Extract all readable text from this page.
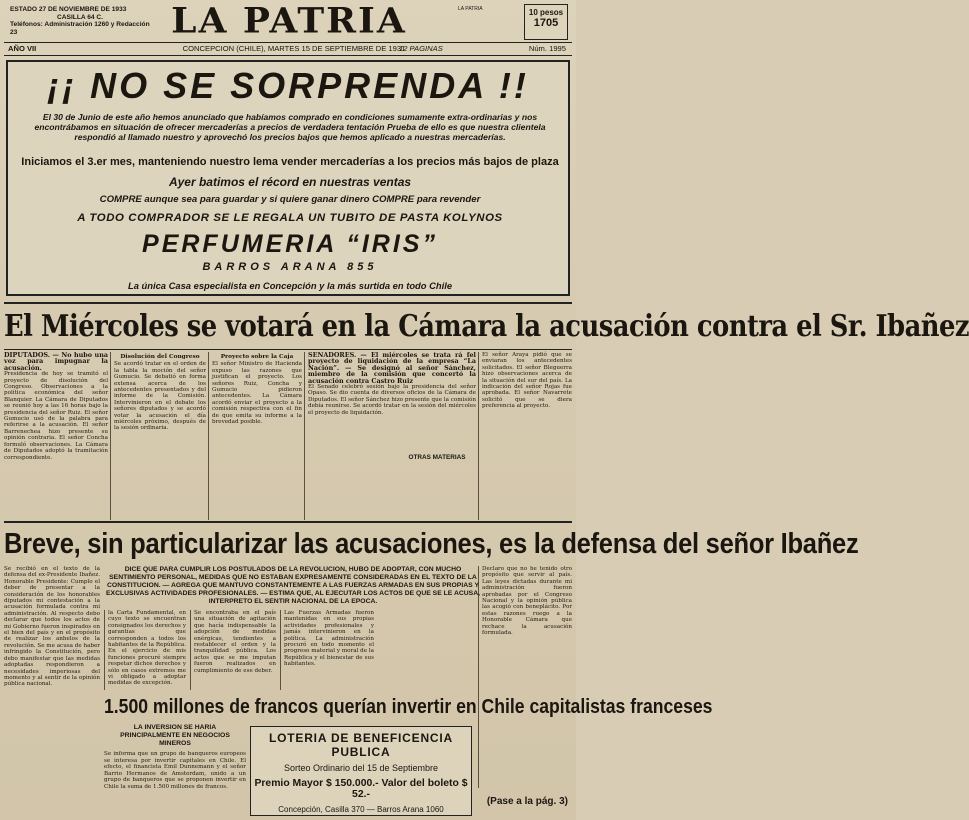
ESTADO 27 DE NOVIEMBRE DE 1933
CASILLA 64 C.
Teléfonos: Administración 1260 y Redacción 23	LA PATRIA	LA PATRIA	10 pesos
1705
AÑO VII	CONCEPCION (CHILE), MARTES 15 DE SEPTIEMBRE DE 1931
12 PAGINAS	Núm. 1995
¡¡ NO SE SORPRENDA !!
El 30 de Junio de este año hemos anunciado que habíamos comprado en condiciones sumamente extra-ordinarias y nos encontrábamos en situación de ofrecer mercaderías a precios de verdadera tentación Prueba de ello es que nuestra clientela respondió al llamado nuestro y aprovechó los precios bajos que hemos aplicado a nuestras mercaderías.
Iniciamos el 3.er mes, manteniendo nuestro lema vender mercaderías a los precios más bajos de plaza
Ayer batimos el récord en nuestras ventas
COMPRE aunque sea para guardar y si quiere ganar dinero COMPRE para revender
A TODO COMPRADOR SE LE REGALA UN TUBITO DE PASTA KOLYNOS
PERFUMERIA “IRIS”
BARROS ARANA 855
La única Casa especialista en Concepción y la más surtida en todo Chile
El Miércoles se votará en la Cámara la acusación contra el Sr. Ibañez
DIPUTADOS. — No hubo una voz para impugnar la acusación.
Presidencia de hoy se tramitó el proyecto de disolución del Congreso. Observaciones a la política económica del señor Blanquier. La Cámara de Diputados se reunió hoy a las 16 horas bajo la presidencia del señor Ruiz. El señor Gumucio usó de la palabra para referirse a la acusación. El señor Barrenechea hizo presente su opinión contraria. El señor Concha formuló observaciones. La Cámara de Diputados adoptó la tramitación correspondiente.
Disolución del Congreso
Se acordó tratar en el orden de la tabla la moción del señor Gumucio. Se debatió en forma extensa acerca de los antecedentes presentados y del informe de la Comisión. Intervinieron en el debate los señores diputados y se acordó votar la acusación el día miércoles próximo, después de la sesión ordinaria.
Proyecto sobre la Caja
El señor Ministro de Hacienda expuso las razones que justifican el proyecto. Los señores Ruiz, Concha y Gumucio pidieron antecedentes. La Cámara acordó enviar el proyecto a la comisión respectiva con el fin de que emita su informe a la brevedad posible.
SENADORES. — El miércoles se trata rá fel proyecto de liquidación de la empresa “La Nación”. — Se designó al señor Sánchez, miembro de la comisión que concertó la acusación contra Castro Ruiz
El Senado celebró sesión bajo la presidencia del señor Opaso. Se dio cuenta de diversos oficios de la Cámara de Diputados. El señor Sánchez hizo presente que la comisión debía reunirse. Se acordó tratar en la sesión del miércoles el proyecto de liquidación.
OTRAS MATERIAS
El señor Araya pidió que se enviaran los antecedentes solicitados. El señor Bleguerra hizo observaciones acerca de la situación del sur del país. La indicación del señor Rojas fue aprobada. El señor Navarrete solicitó que se diera preferencia al proyecto.
Breve, sin particularizar las acusaciones, es la defensa del señor Ibañez
Se recibió en el texto de la defensa del ex-Presidente Ibañez. Honorable Presidente: Cumplo el deber de presentar a la consideración de los honorables diputados mi contestación a la acusación formulada contra mi administración. Al respecto debo declarar que todos los actos de mi Gobierno fueron inspirados en el bien del país y en el propósito de realizar los anhelos de la revolución. Se me acusa de haber infringido la Constitución, pero debo manifestar que las medidas adoptadas respondieron a necesidades imperiosas del momento y al sentir de la opinión pública nacional.
la Carta Fundamental, en cuyo texto se encuentran consignados los derechos y garantías que corresponden a todos los habitantes de la República. En el ejercicio de mis funciones procuré siempre respetar dichos derechos y sólo en casos extremos me vi obligado a adoptar medidas de excepción.
Se encontraba en el país una situación de agitación que hacía indispensable la adopción de medidas enérgicas, tendientes a restablecer el orden y la tranquilidad pública. Los actos que se me imputan fueron realizados en cumplimiento de ese deber.
Las Fuerzas Armadas fueron mantenidas en sus propias actividades profesionales y jamás intervinieron en la política. La administración procuró en todo momento el progreso material y moral de la República y el bienestar de sus habitantes.
Declaro que no he tenido otro propósito que servir al país. Las leyes dictadas durante mi administración fueron aprobadas por el Congreso Nacional y la opinión pública las acogió con beneplácito. Por estas razones ruego a la Honorable Cámara que rechace la acusación formulada.
DICE QUE PARA CUMPLIR LOS POSTULADOS DE LA REVOLUCION, HUBO DE ADOPTAR, CON MUCHO SENTIMIENTO PERSONAL, MEDIDAS QUE NO ESTABAN EXPRESAMENTE CONSIDERADAS EN EL TEXTO DE LA CONSTITUCION. — AGREGA QUE MANTUVO CONSTANTEMENTE A LAS FUERZAS ARMADAS EN SUS PROPIAS Y EXCLUSIVAS ACTIVIDADES PROFESIONALES. — ESTIMA QUE, AL EJECUTAR LOS ACTOS DE QUE SE LE ACUSA, INTERPRETO EL SENTIR NACIONAL DE LA EPOCA.
1.500 millones de francos querían invertir en Chile capitalistas franceses
LA INVERSION SE HARIA PRINCIPALMENTE EN NEGOCIOS MINEROS
Se informa que un grupo de banqueros europeos se interesa por invertir capitales en Chile. El efecto, el financista Emil Dunnemann y el señor Barrio Hermanos de Amsterdam, unido a un grupo de banqueros que se proponen invertir en Chile la suma de 1.500 millones de francos.
LOTERIA DE BENEFICENCIA PUBLICA
Sorteo Ordinario del 15 de Septiembre
Premio Mayor $ 150.000.- Valor del boleto $ 52.-
Concepción, Casilla 370 — Barros Arana 1060
(Pase a la pág. 3)
